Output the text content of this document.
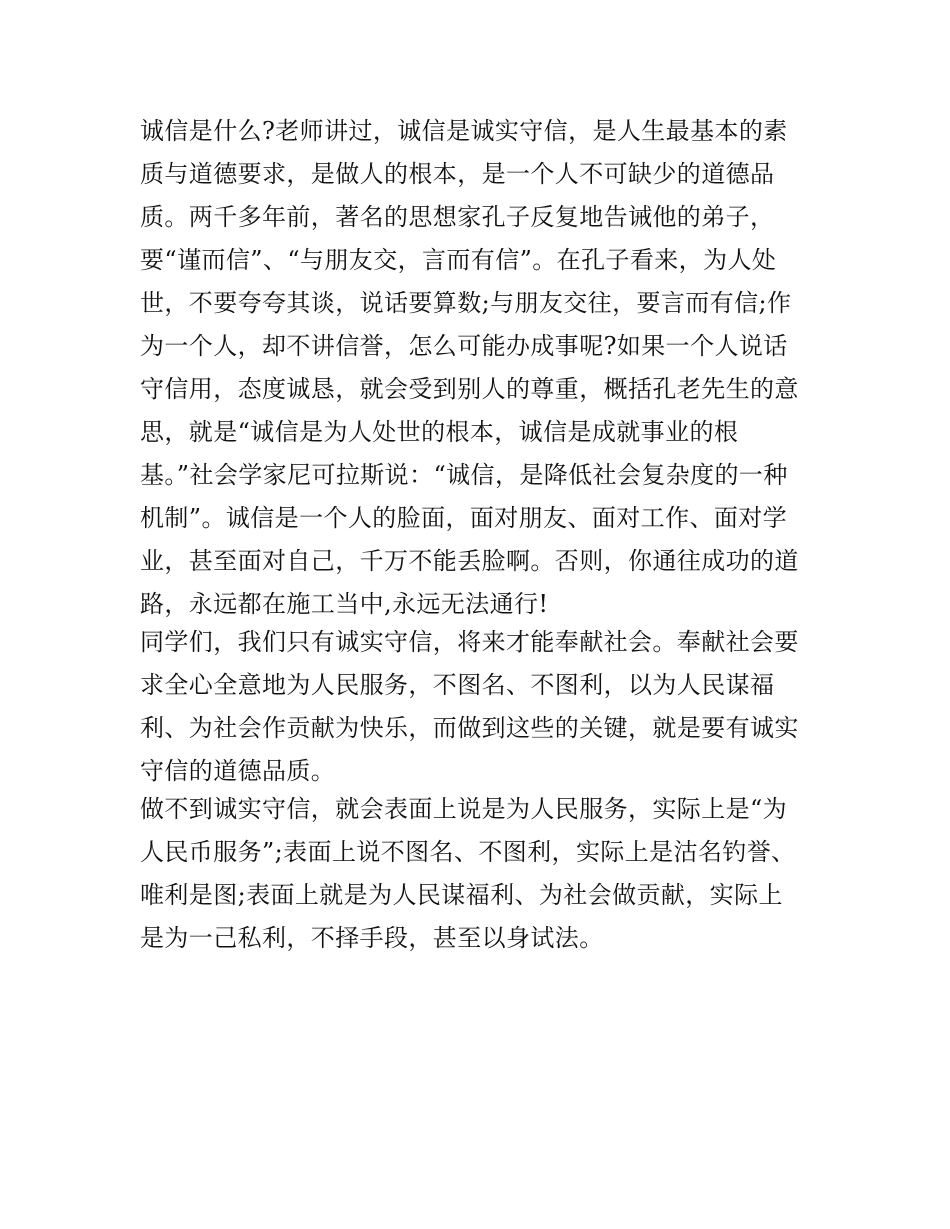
诚信是什么?老师讲过，诚信是诚实守信，是人生最基本的素
质与道德要求，是做人的根本，是一个人不可缺少的道德品
质。两千多年前，著名的思想家孔子反复地告诫他的弟子，
要“谨而信”、“与朋友交，言而有信”。在孔子看来，为人处
世，不要夸夸其谈，说话要算数;与朋友交往，要言而有信;作
为一个人，却不讲信誉，怎么可能办成事呢?如果一个人说话
守信用，态度诚恳，就会受到别人的尊重，概括孔老先生的意
思，就是“诚信是为人处世的根本，诚信是成就事业的根
基。”社会学家尼可拉斯说：“诚信，是降低社会复杂度的一种
机制”。诚信是一个人的脸面，面对朋友、面对工作、面对学
业，甚至面对自己，千万不能丢脸啊。否则，你通往成功的道
路，永远都在施工当中,永远无法通行!
同学们，我们只有诚实守信，将来才能奉献社会。奉献社会要
求全心全意地为人民服务，不图名、不图利，以为人民谋福
利、为社会作贡献为快乐，而做到这些的关键，就是要有诚实
守信的道德品质。
做不到诚实守信，就会表面上说是为人民服务，实际上是“为
人民币服务”;表面上说不图名、不图利，实际上是沽名钓誉、
唯利是图;表面上就是为人民谋福利、为社会做贡献，实际上
是为一己私利，不择手段，甚至以身试法。
